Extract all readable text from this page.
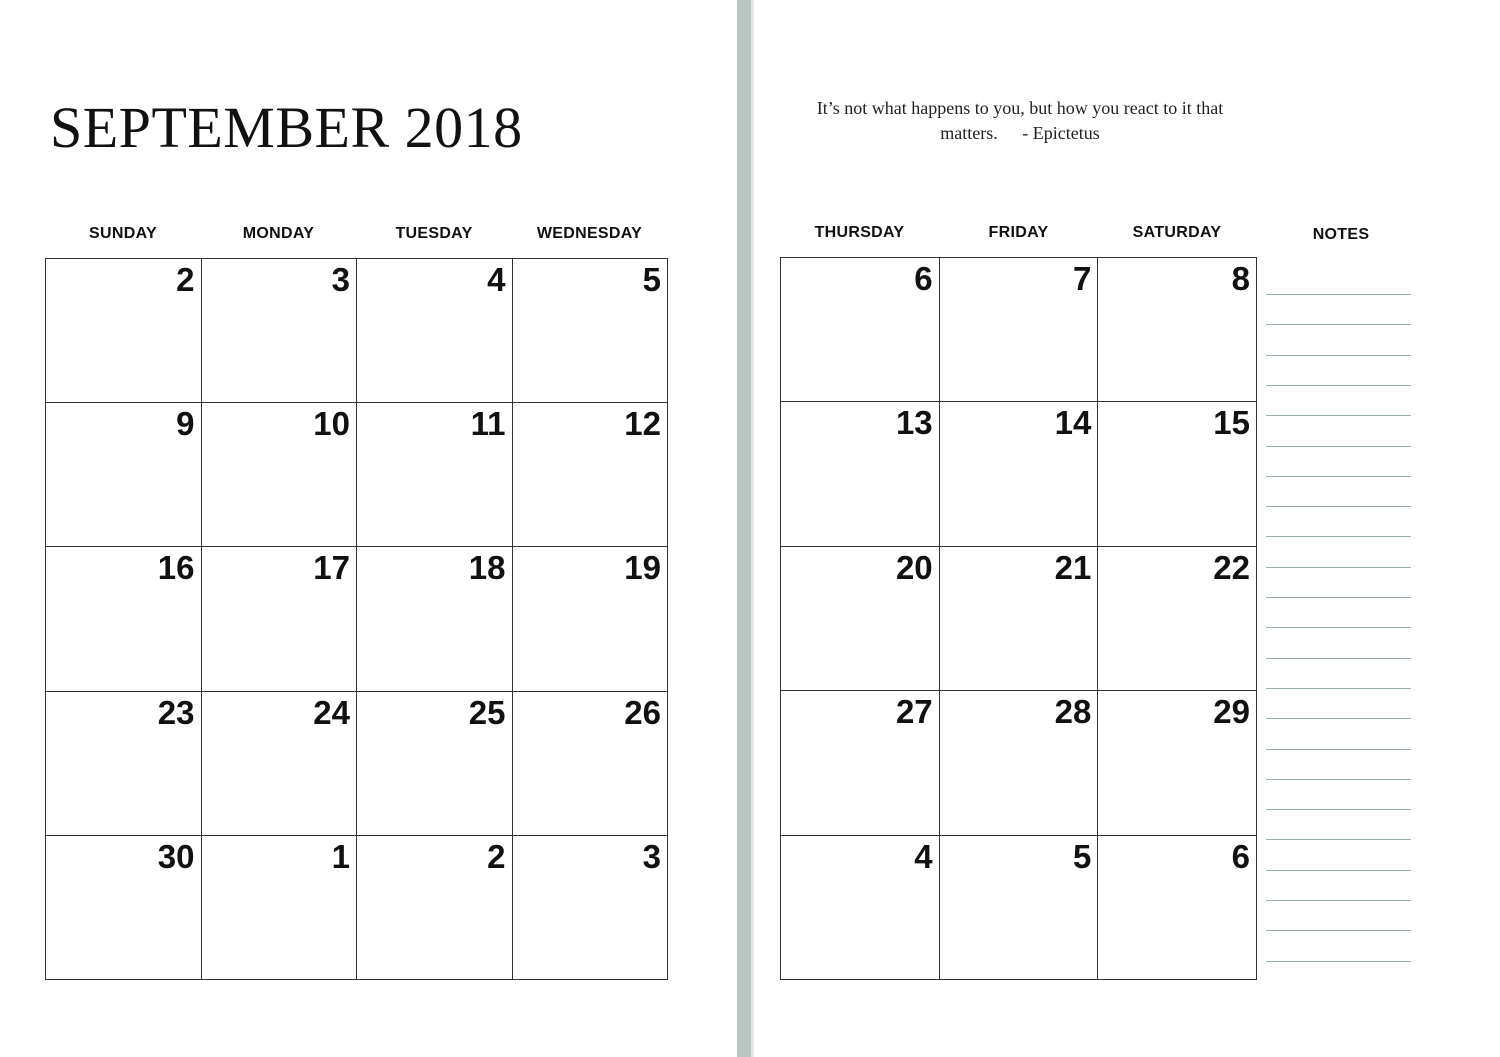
SEPTEMBER 2018	It’s not what happens to you, but how you react to it that matters. - Epictetus
SUNDAY	MONDAY	TUESDAY	WEDNESDAY
2	3	4	5
9	10	11	12
16	17	18	19
23	24	25	26
30	1	2	3
THURSDAY	FRIDAY	SATURDAY
6	7	8
13	14	15
20	21	22
27	28	29
4	5	6
NOTES
